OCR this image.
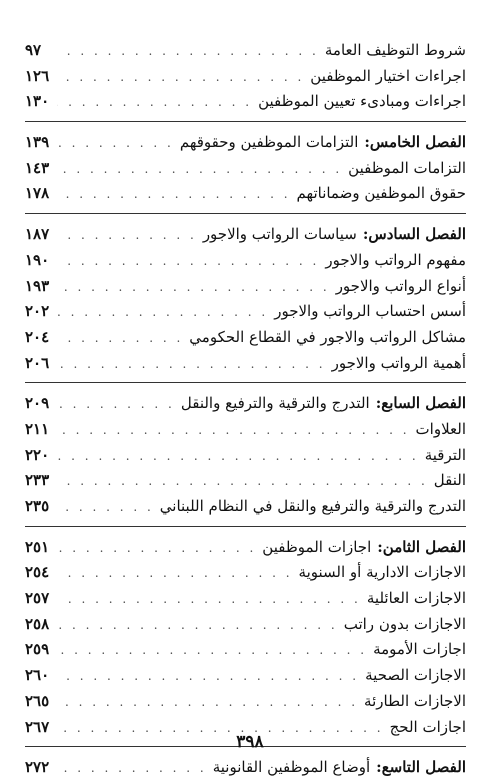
شروط التوظيف العامة
. . .
٩٧
اجراءات اختيار الموظفين
. . .
١٢٦
اجراءات ومبادىء تعيين الموظفين
. . .
١٣٠
الفصل الخامس
:
التزامات الموظفين وحقوقهم
. . .
١٣٩
التزامات الموظفين
. . .
١٤٣
حقوق الموظفين وضماناتهم
. . .
١٧٨
الفصل السادس
:
سياسات الرواتب والاجور
. . .
١٨٧
مفهوم الرواتب والاجور
. . .
١٩٠
أنواع الرواتب والاجور
. . .
١٩٣
أسس احتساب الرواتب والاجور
. . .
٢٠٢
مشاكل الرواتب والاجور في القطاع الحكومي
. . .
٢٠٤
أهمية الرواتب والاجور
. . .
٢٠٦
الفصل السابع
:
التدرج والترقية والترفيع والنقل
. . .
٢٠٩
العلاوات
. . .
٢١١
الترقية
. . .
٢٢٠
النقل
. . .
٢٣٣
التدرج والترقية والترفيع والنقل في النظام اللبناني
. . .
٢٣٥
الفصل الثامن
:
اجازات الموظفين
. . .
٢٥١
الاجازات الادارية أو السنوية
. . .
٢٥٤
الاجازات العائلية
. . .
٢٥٧
الاجازات بدون راتب
. . .
٢٥٨
اجازات الأمومة
. . .
٢٥٩
الاجازات الصحية
. . .
٢٦٠
الاجازات الطارئة
. . .
٢٦٥
اجازات الحج
. . .
٢٦٧
الفصل التاسع
:
أوضاع الموظفين القانونية
. . .
٢٧٢
٣٩٨
